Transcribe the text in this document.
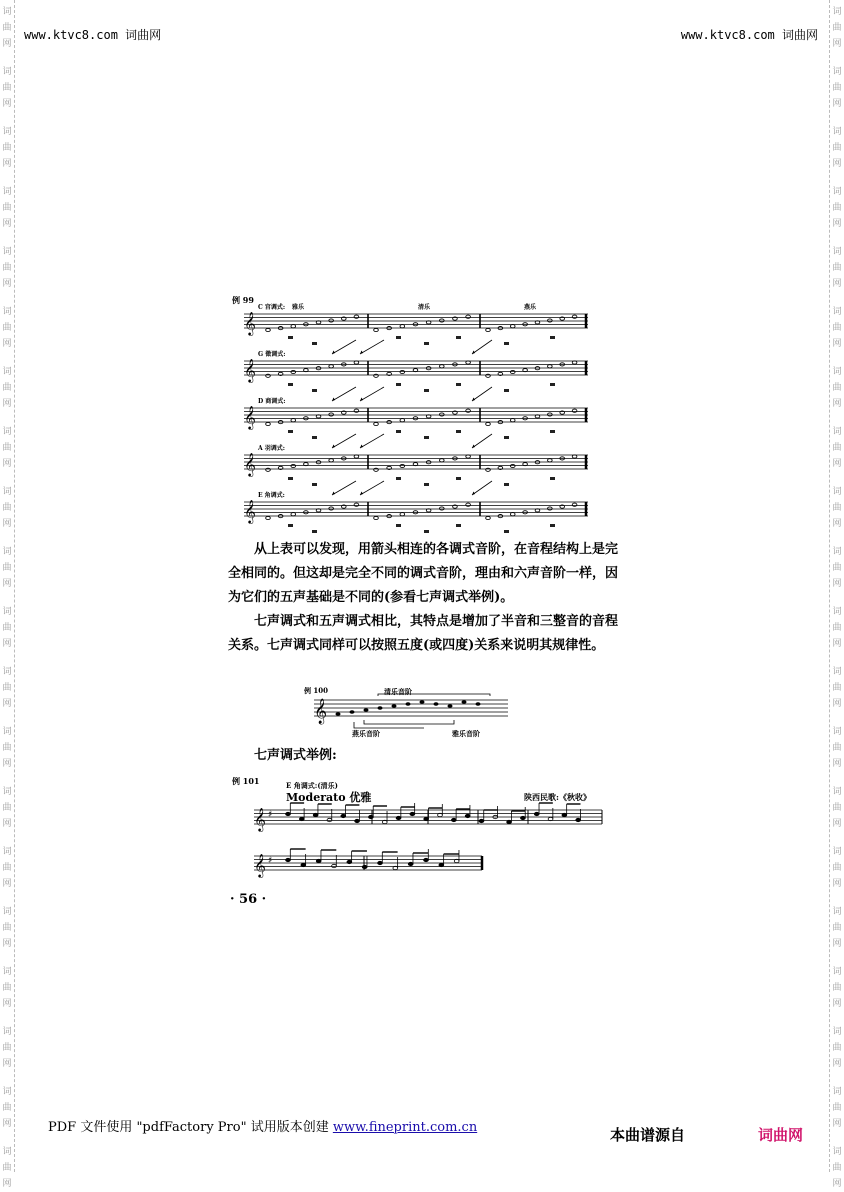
词
曲
网
词
曲
网
词
曲
网
词
曲
网
词
曲
网
词
曲
网
词
曲
网
词
曲
网
词
曲
网
词
曲
网
词
曲
网
词
曲
网
词
曲
网
词
曲
网
词
曲
网
词
曲
网
词
曲
网
词
曲
网
词
曲
网
词
曲
网
词
曲
网
词
曲
网
词
曲
网
词
曲
网
词
曲
网
词
曲
网
词
曲
网
词
曲
网
词
曲
网
词
曲
网
词
曲
网
词
曲
网
词
曲
网
词
曲
网
词
曲
网
词
曲
网
词
曲
网
词
曲
网
词
曲
网
词
曲
网
www.ktvc8.com 词曲网	www.ktvc8.com 词曲网
例 99
𝄞
C 宫调式: 雅乐	清乐	燕乐
𝄞
G 徵调式:
𝄞
D 商调式:
𝄞
A 羽调式:
𝄞
E 角调式:

从上表可以发现，用箭头相连的各调式音阶，在音程结构上是完全相同的。但这却是完全不同的调式音阶，理由和六声音阶一样，因为它们的五声基础是不同的(参看七声调式举例)。

七声调式和五声调式相比，其特点是增加了半音和三整音的音程关系。七声调式同样可以按照五度(或四度)关系来说明其规律性。

例 100	清乐音阶
𝄞
燕乐音阶	雅乐音阶
七声调式举例:
例 101	E 角调式:(清乐)
Moderato 优雅	陕西民歌:《秋收》
𝄞 ♯
𝄞 ♯
· 56 ·
PDF 文件使用 "pdfFactory Pro" 试用版本创建 www.fineprint.com.cn	本曲谱源自	词曲网
